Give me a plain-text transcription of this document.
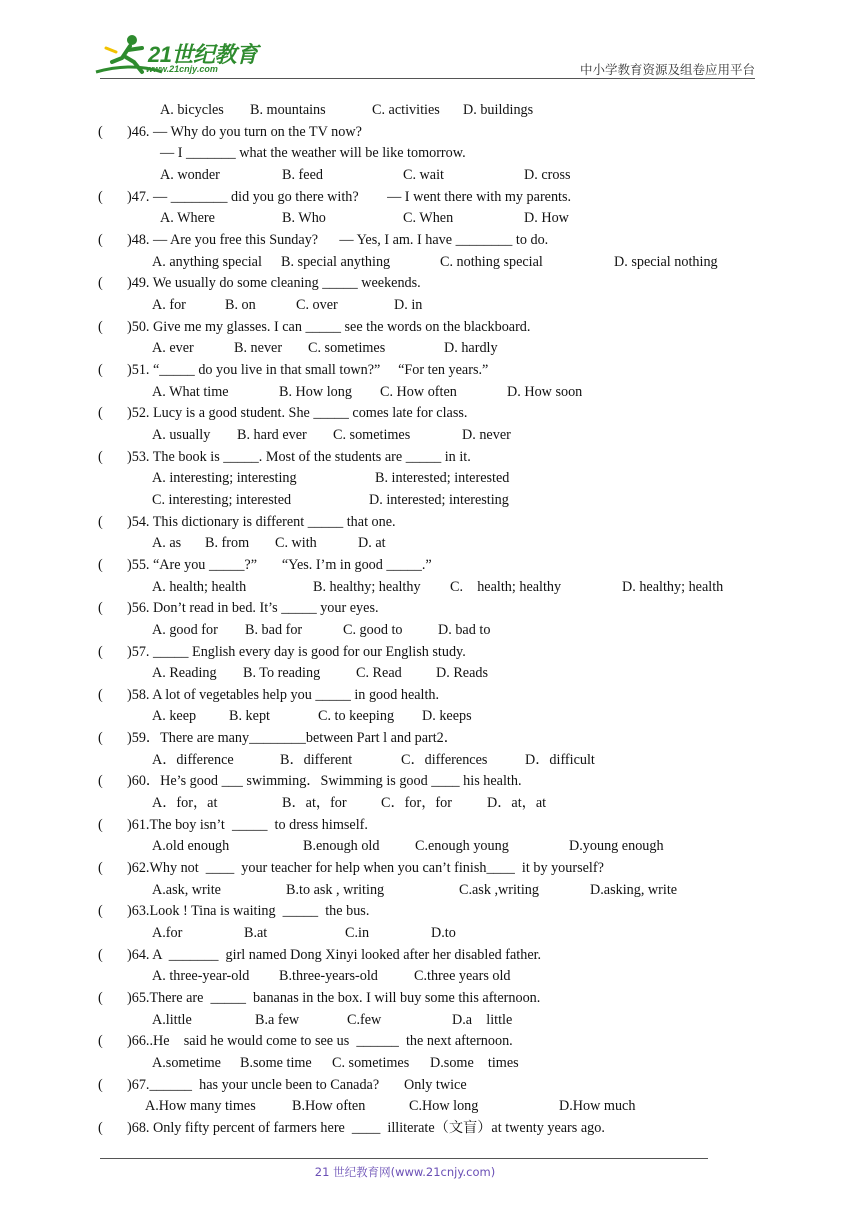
21世纪教育
www.21cnjy.com	中小学教育资源及组卷应用平台
A. bicycles B. mountains	C. activities D. buildings
( )46. — Why do you turn on the TV now?
— I _______ what the weather will be like tomorrow.
A. wonder	B. feed	C. wait	D. cross
( )47. — ________ did you go there with?        — I went there with my parents.
A. Where	B. Who	C. When	D. How
( )48. — Are you free this Sunday?      — Yes, I am. I have ________ to do.
A. anything special B. special anything	C. nothing special	D. special nothing
( )49. We usually do some cleaning _____ weekends.
A. for	B. on	C. over	D. in
( )50. Give me my glasses. I can _____ see the words on the blackboard.
A. ever	B. never C. sometimes	D. hardly
( )51. “_____ do you live in that small town?”     “For ten years.”
A. What time	B. How long C. How often	D. How soon
( )52. Lucy is a good student. She _____ comes late for class.
A. usually B. hard ever C. sometimes	D. never
( )53. The book is _____. Most of the students are _____ in it.
A. interesting; interesting	B. interested; interested
C. interesting; interested	D. interested; interesting
( )54. This dictionary is different _____ that one.
A. as B. from C. with	D. at
( )55. “Are you _____?”       “Yes. I’m in good _____.”
A. health; health	B. healthy; healthy C.    health; healthy	D. healthy; health
( )56. Don’t read in bed. It’s _____ your eyes.
A. good for B. bad for	C. good to D. bad to
( )57. _____ English every day is good for our English study.
A. Reading B. To reading	C. Read D. Reads
( )58. A lot of vegetables help you _____ in good health.
A. keep B. kept	C. to keeping D. keeps
( )59．There are many________between Part l and part2．
A．difference	B．different	C．differences	D．difficult
( )60．He’s good ___ swimming．Swimming is good ____ his health.
A．for，at	B．at，for C．for，for D．at，at
( )61.The boy isn’t  _____  to dress himself.
A.old enough	B.enough old	C.enough young	D.young enough
( )62.Why not  ____  your teacher for help when you can’t finish____  it by yourself?
A.ask, write	B.to ask , writing	C.ask ,writing	D.asking, write
( )63.Look ! Tina is waiting  _____  the bus.
A.for	B.at	C.in	D.to
( )64. A  _______  girl named Dong Xinyi looked after her disabled father.
A. three-year-old B.three-years-old	C.three years old
( )65.There are  _____  bananas in the box. I will buy some this afternoon.
A.little	B.a few	C.few	D.a    little
( )66..He    said he would come to see us  ______  the next afternoon.
A.sometime B.some time C. sometimes D.some    times
( )67.______  has your uncle been to Canada?       Only twice
A.How many times	B.How often	C.How long	D.How much
( )68. Only fifty percent of farmers here  ____  illiterate（文盲）at twenty years ago.
21 世纪教育网(www.21cnjy.com)
